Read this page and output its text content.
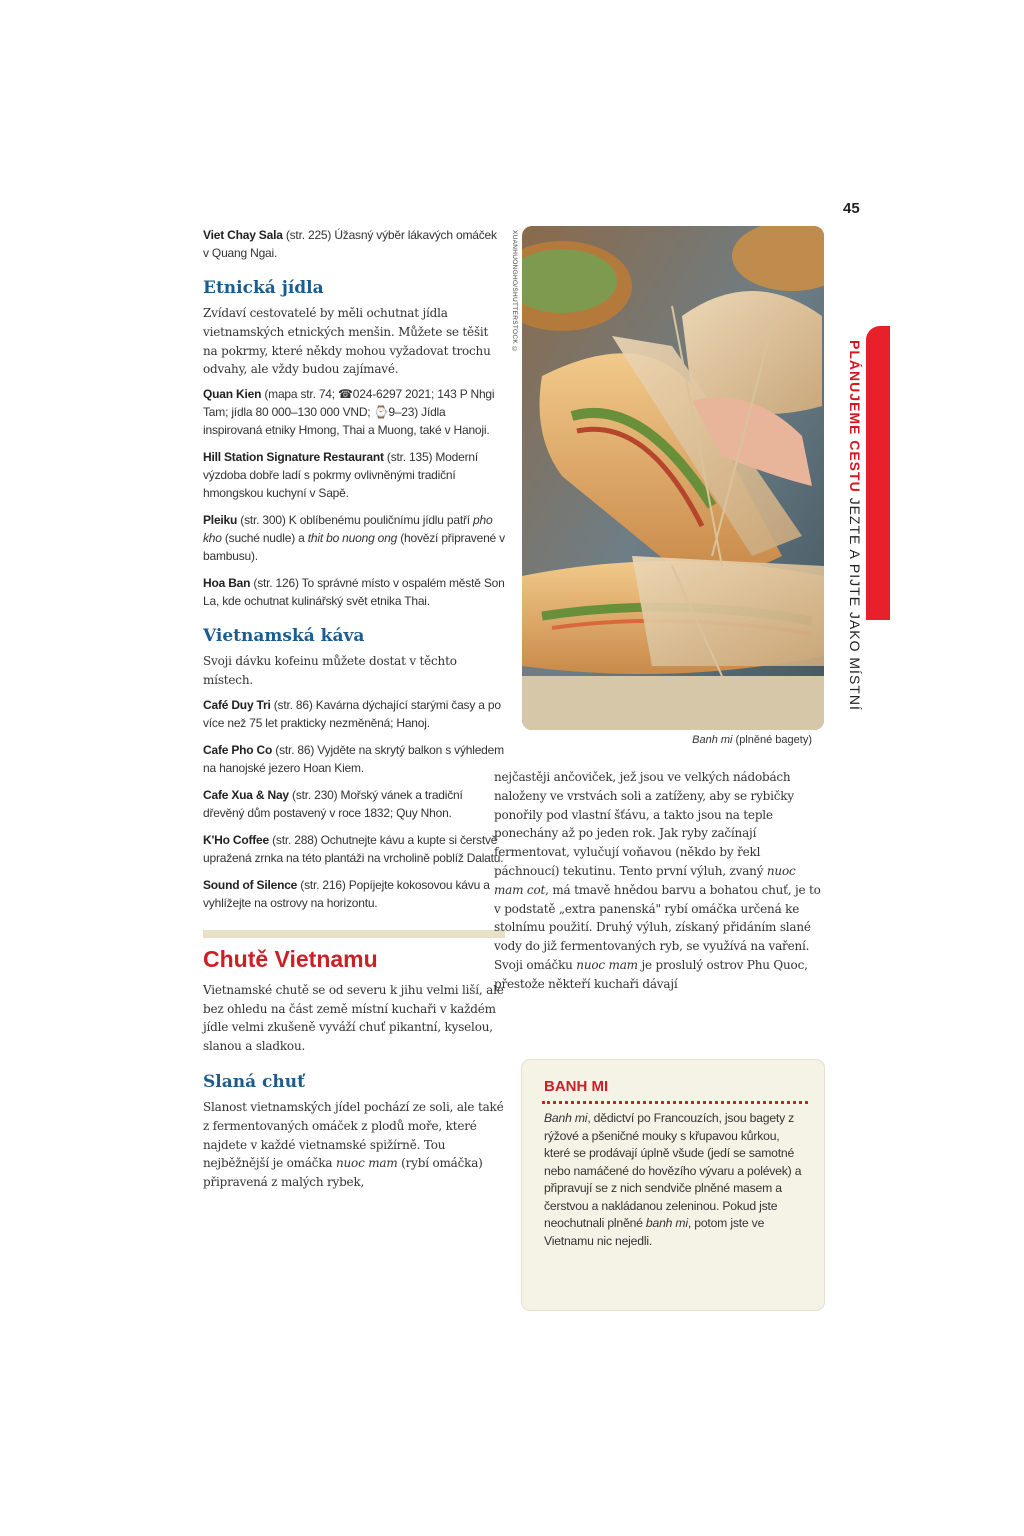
45
PLÁNUJEME CESTU JEZTE A PIJTE JAKO MÍSTNÍ

Viet Chay Sala (str. 225) Úžasný výběr lákavých omáček v Quang Ngai.

Etnická jídla

Zvídaví cestovatelé by měli ochutnat jídla vietnamských etnických menšin. Můžete se těšit na pokrmy, které někdy mohou vyžadovat trochu odvahy, ale vždy budou zajímavé.

Quan Kien (mapa str. 74; ☎024-6297 2021; 143 P Nhgi Tam; jídla 80 000–130 000 VND; ⌚9–23) Jídla inspirovaná etniky Hmong, Thai a Muong, také v Hanoji.

Hill Station Signature Restaurant (str. 135) Moderní výzdoba dobře ladí s pokrmy ovlivněnými tradiční hmongskou kuchyní v Sapě.

Pleiku (str. 300) K oblíbenému pouličnímu jídlu patří pho kho (suché nudle) a thit bo nuong ong (hovězí připravené v bambusu).

Hoa Ban (str. 126) To správné místo v ospalém městě Son La, kde ochutnat kulinářský svět etnika Thai.

Vietnamská káva

Svoji dávku kofeinu můžete dostat v těchto místech.

Café Duy Tri (str. 86) Kavárna dýchající starými časy a po více než 75 let prakticky nezměněná; Hanoj.

Cafe Pho Co (str. 86) Vyjděte na skrytý balkon s výhledem na hanojské jezero Hoan Kiem.

Cafe Xua & Nay (str. 230) Mořský vánek a tradiční dřevěný dům postavený v roce 1832; Quy Nhon.

K'Ho Coffee (str. 288) Ochutnejte kávu a kupte si čerstvě upražená zrnka na této plantáži na vrcholině poblíž Dalatu.

Sound of Silence (str. 216) Popíjejte kokosovou kávu a vyhlížejte na ostrovy na horizontu.

Chutě Vietnamu

Vietnamské chutě se od severu k jihu velmi liší, ale bez ohledu na část země místní kuchaři v každém jídle velmi zkušeně vyváží chuť pikantní, kyselou, slanou a sladkou.

Slaná chuť

Slanost vietnamských jídel pochází ze soli, ale také z fermentovaných omáček z plodů moře, které najdete v každé vietnamské spižírně. Tou nejběžnější je omáčka nuoc mam (rybí omáčka) připravená z malých rybek,

XUANHUONGHO/SHUTTERSTOCK ©
Banh mi (plněné bagety)

nejčastěji ančoviček, jež jsou ve velkých nádobách naloženy ve vrstvách soli a zatíženy, aby se rybičky ponořily pod vlastní šťávu, a takto jsou na teple ponechány až po jeden rok. Jak ryby začínají fermentovat, vylučují voňavou (někdo by řekl páchnoucí) tekutinu. Tento první výluh, zvaný nuoc mam cot, má tmavě hnědou barvu a bohatou chuť, je to v podstatě „extra panenská" rybí omáčka určená ke stolnímu použití. Druhý výluh, získaný přidáním slané vody do již fermentovaných ryb, se využívá na vaření. Svoji omáčku nuoc mam je proslulý ostrov Phu Quoc, přestože někteří kuchaři dávají

BANH MI

Banh mi, dědictví po Francouzích, jsou bagety z rýžové a pšeničné mouky s křupavou kůrkou, které se prodávají úplně všude (jedí se samotné nebo namáčené do hovězího vývaru a polévek) a připravují se z nich sendviče plněné masem a čerstvou a nakládanou zeleninou. Pokud jste neochutnali plněné banh mi, potom jste ve Vietnamu nic nejedli.
